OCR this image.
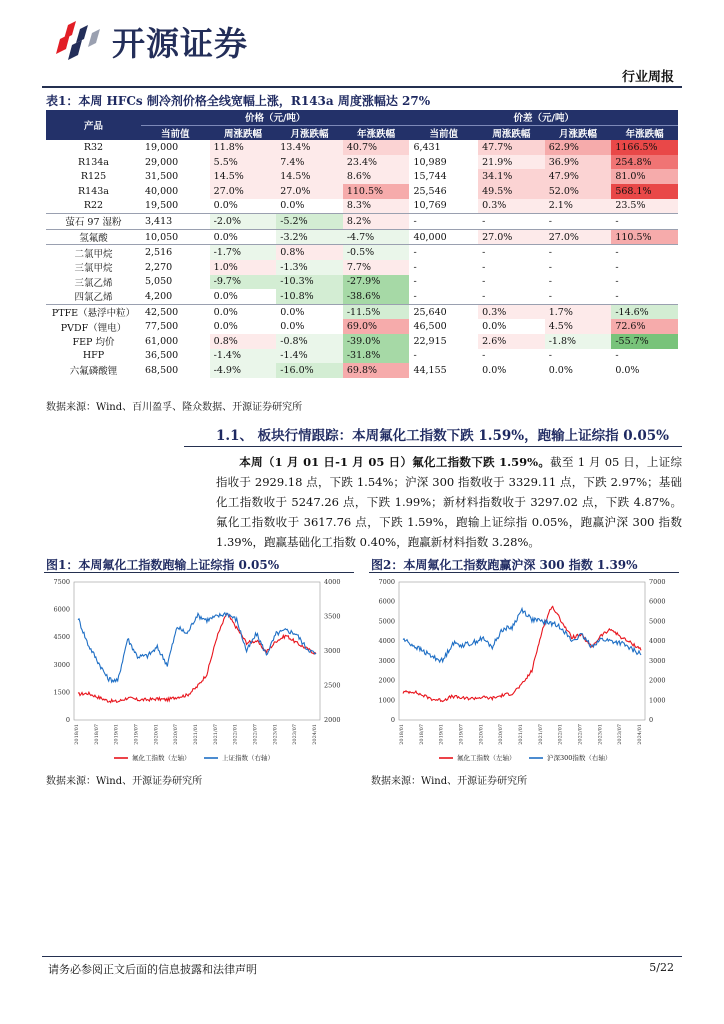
开源证券
行业周报
表1：本周 HFCs 制冷剂价格全线宽幅上涨，R143a 周度涨幅达 27%
产品	价格（元/吨）				价差（元/吨）			
	当前值	周涨跌幅	月涨跌幅	年涨跌幅	当前值	周涨跌幅	月涨跌幅	年涨跌幅
R32	19,000	11.8%	13.4%	40.7%	6,431	47.7%	62.9%	1166.5%
R134a	29,000	5.5%	7.4%	23.4%	10,989	21.9%	36.9%	254.8%
R125	31,500	14.5%	14.5%	8.6%	15,744	34.1%	47.9%	81.0%
R143a	40,000	27.0%	27.0%	110.5%	25,546	49.5%	52.0%	568.1%
R22	19,500	0.0%	0.0%	8.3%	10,769	0.3%	2.1%	23.5%
萤石 97 湿粉	3,413	-2.0%	-5.2%	8.2%	-	-	-	-
氢氟酸	10,050	0.0%	-3.2%	-4.7%	40,000	27.0%	27.0%	110.5%
二氯甲烷	2,516	-1.7%	0.8%	-0.5%	-	-	-	-
三氯甲烷	2,270	1.0%	-1.3%	7.7%	-	-	-	-
三氯乙烯	5,050	-9.7%	-10.3%	-27.9%	-	-	-	-
四氯乙烯	4,200	0.0%	-10.8%	-38.6%	-	-	-	-
PTFE（悬浮中粒）	42,500	0.0%	0.0%	-11.5%	25,640	0.3%	1.7%	-14.6%
PVDF（锂电）	77,500	0.0%	0.0%	69.0%	46,500	0.0%	4.5%	72.6%
FEP 均价	61,000	0.8%	-0.8%	-39.0%	22,915	2.6%	-1.8%	-55.7%
HFP	36,500	-1.4%	-1.4%	-31.8%	-	-	-	-
六氟磷酸锂	68,500	-4.9%	-16.0%	69.8%	44,155	0.0%	0.0%	0.0%
数据来源：Wind、百川盈孚、隆众数据、开源证券研究所
1.1、 板块行情跟踪：本周氟化工指数下跌 1.59%，跑输上证综指 0.05%
本周（1 月 01 日-1 月 05 日）氟化工指数下跌 1.59%。截至 1 月 05 日，上证综指收于 2929.18 点，下跌 1.54%；沪深 300 指数收于 3329.11 点，下跌 2.97%；基础化工指数收于 5247.26 点，下跌 1.99%；新材料指数收于 3297.02 点，下跌 4.87%。氟化工指数收于 3617.76 点，下跌 1.59%，跑输上证综指 0.05%，跑赢沪深 300 指数 1.39%，跑赢基础化工指数 0.40%，跑赢新材料指数 3.28%。
图1：本周氟化工指数跑输上证综指 0.05%
0
1500
3000
4500
6000
7500
2000
2500
3000
3500
4000
2018/01	2018/07	2019/01	2019/07	2020/01	2020/07	2021/01	2021/07	2022/01	2022/07	2023/01	2023/07	2024/01
氟化工指数（左轴）	上证指数（右轴）
数据来源：Wind、开源证券研究所
图2：本周氟化工指数跑赢沪深 300 指数 1.39%
0
1000
2000
3000
4000
5000
6000
7000
0
1000
2000
3000
4000
5000
6000
7000
2018/01	2018/07	2019/01	2019/07	2020/01	2020/07	2021/01	2021/07	2022/01	2022/07	2023/01	2023/07	2024/01
氟化工指数（左轴）	沪深300指数（右轴）
数据来源：Wind、开源证券研究所
请务必参阅正文后面的信息披露和法律声明	5/22
